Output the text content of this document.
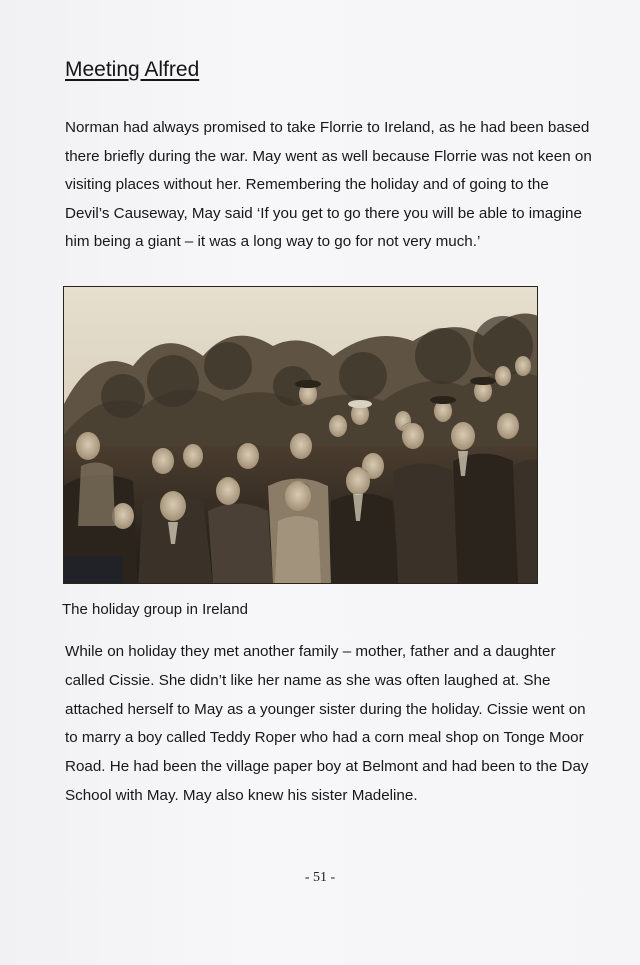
Meeting Alfred

Norman had always promised to take Florrie to Ireland, as he had been based there briefly during the war. May went as well because Florrie was not keen on visiting places without her. Remembering the holiday and of going to the Devil’s Causeway, May said ‘If you get to go there you will be able to imagine him being a giant – it was a long way to go for not very much.’

The holiday group in Ireland

While on holiday they met another family – mother, father and a daughter called Cissie. She didn’t like her name as she was often laughed at. She attached herself to May as a younger sister during the holiday. Cissie went on to marry a boy called Teddy Roper who had a corn meal shop on Tonge Moor Road. He had been the village paper boy at Belmont and had been to the Day School with May. May also knew his sister Madeline.

- 51 -
